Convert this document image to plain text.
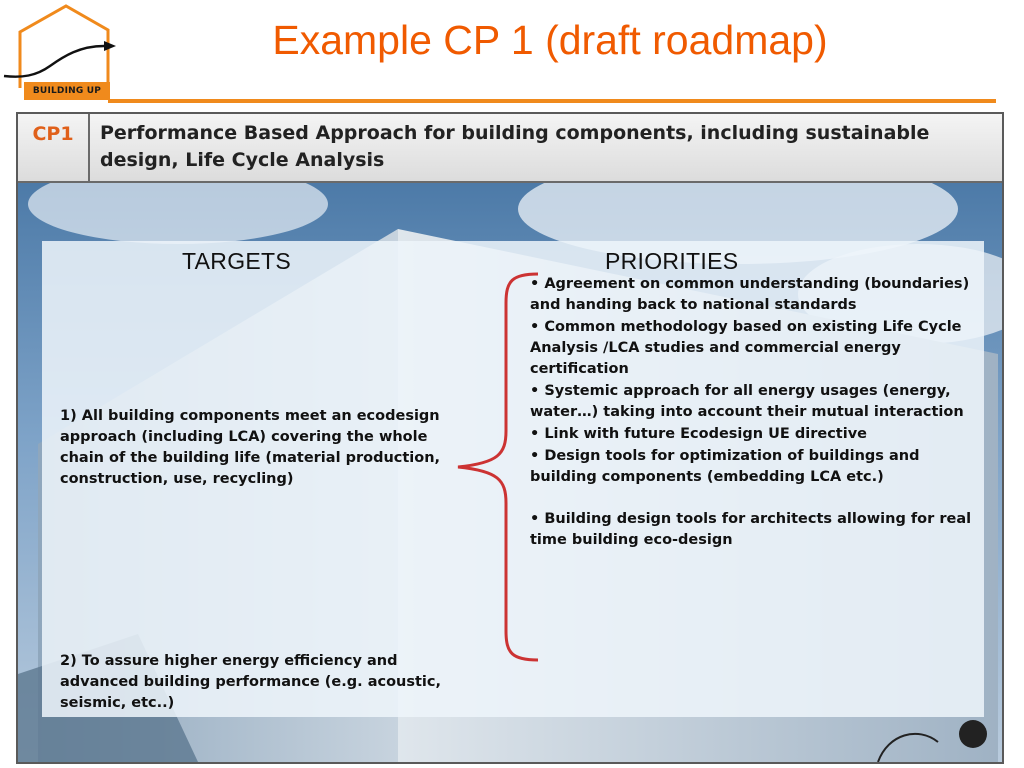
BUILDING UP
Example CP 1 (draft roadmap)
CP1	Performance Based Approach for building components, including sustainable design, Life Cycle Analysis
TARGETS	PRIORITIES
1) All building components meet an ecodesign approach (including LCA) covering the whole chain of the building life (material production, construction, use, recycling)
2) To assure higher energy efficiency and advanced building performance (e.g. acoustic, seismic, etc..)
• Agreement on common understanding (boundaries) and handing back to national standards
• Common methodology based on existing Life Cycle Analysis /LCA studies and commercial energy certification
• Systemic approach for all energy usages (energy, water…) taking into account their mutual interaction
• Link with future Ecodesign UE directive
• Design tools for optimization of buildings and building components (embedding LCA etc.)
• Building design tools for architects allowing for real time building eco-design
